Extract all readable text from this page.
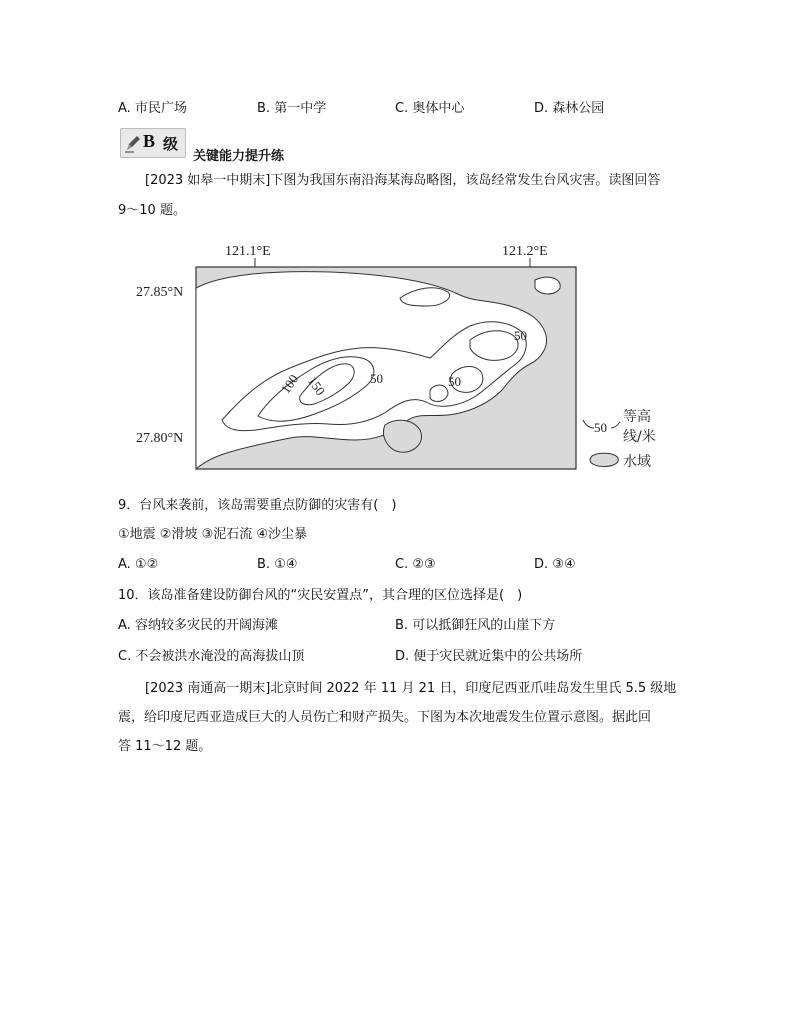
A. 市民广场	B. 第一中学	C. 奥体中心	D. 森林公园
B 级
关键能力提升练
[2023 如皋一中期末]下图为我国东南沿海某海岛略图，该岛经常发生台风灾害。读图回答
9～10 题。
121.1°E	121.2°E
27.85°N
27.80°N
150
100	50	50
50
50
等高
线/米
水域
9．台风来袭前，该岛需要重点防御的灾害有(　)
①地震 ②滑坡 ③泥石流 ④沙尘暴
A. ①②	B. ①④	C. ②③	D. ③④
10．该岛准备建设防御台风的“灾民安置点”，其合理的区位选择是(　)
A. 容纳较多灾民的开阔海滩	B. 可以抵御狂风的山崖下方
C. 不会被洪水淹没的高海拔山顶	D. 便于灾民就近集中的公共场所
[2023 南通高一期末]北京时间 2022 年 11 月 21 日，印度尼西亚爪哇岛发生里氏 5.5 级地
震，给印度尼西亚造成巨大的人员伤亡和财产损失。下图为本次地震发生位置示意图。据此回
答 11～12 题。
